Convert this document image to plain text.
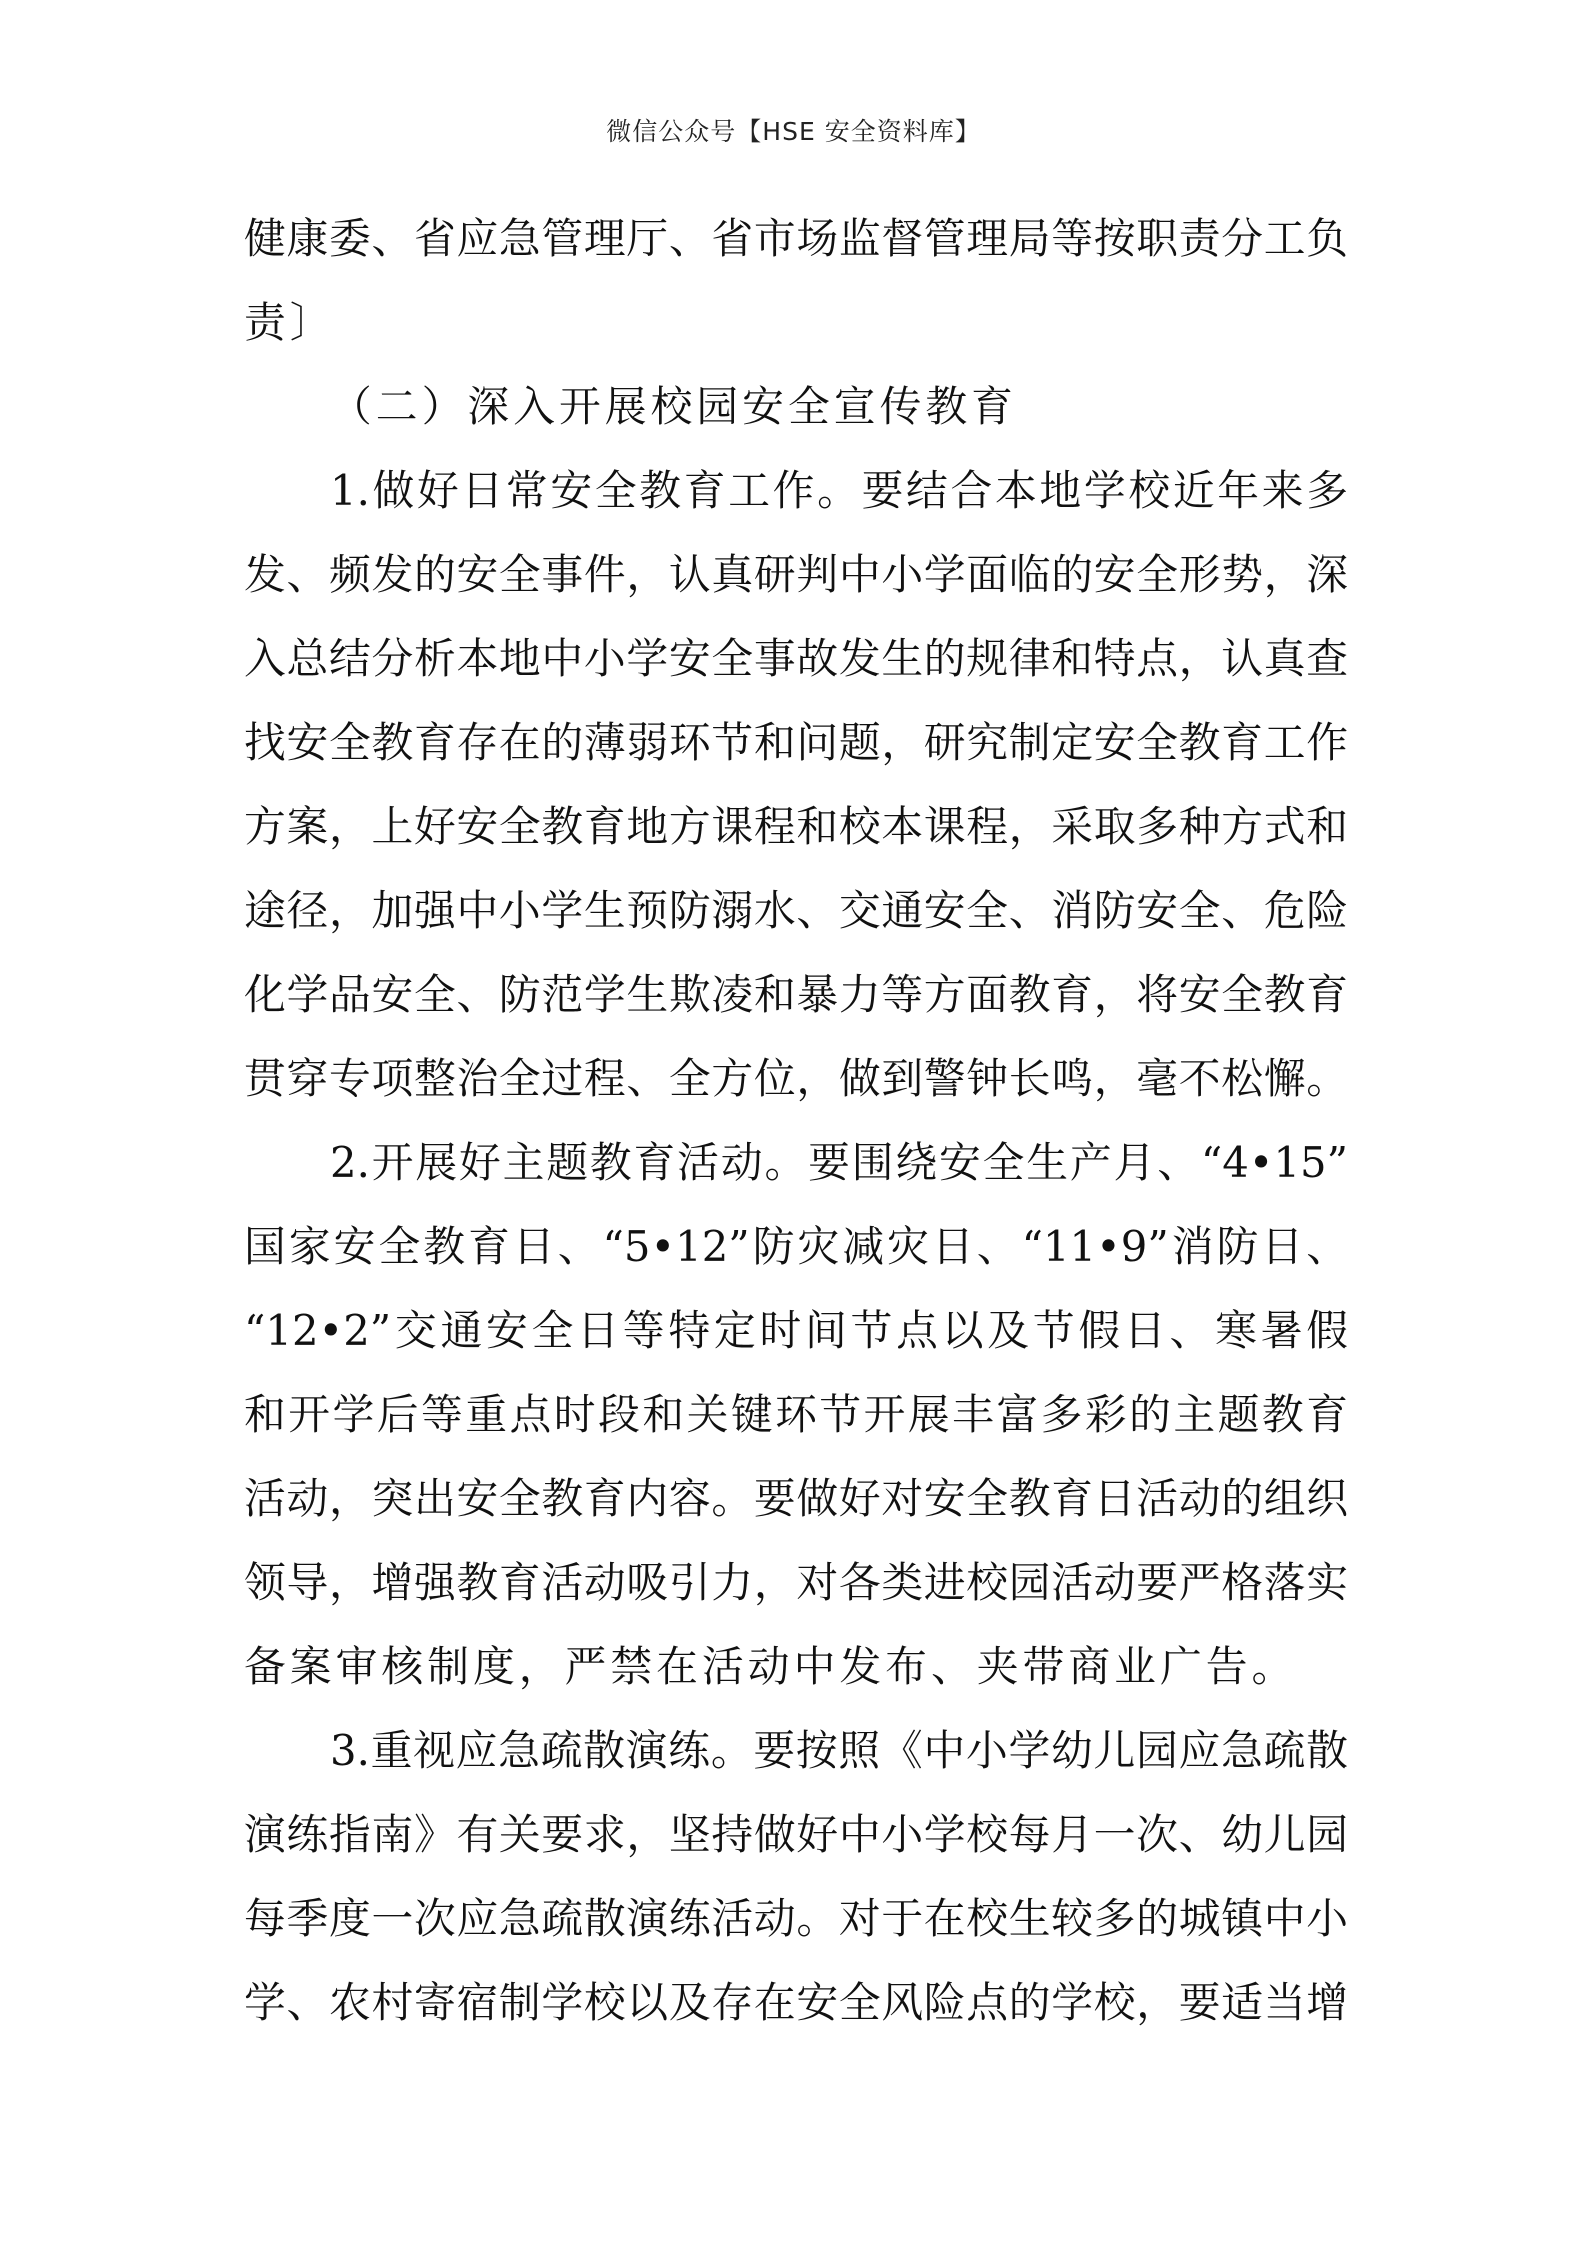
微信公众号【HSE 安全资料库】
健康委、省应急管理厅、省市场监督管理局等按职责分工负
责〕
（二）深入开展校园安全宣传教育
1.做好日常安全教育工作。要结合本地学校近年来多
发、频发的安全事件，认真研判中小学面临的安全形势，深
入总结分析本地中小学安全事故发生的规律和特点，认真查
找安全教育存在的薄弱环节和问题，研究制定安全教育工作
方案，上好安全教育地方课程和校本课程，采取多种方式和
途径，加强中小学生预防溺水、交通安全、消防安全、危险
化学品安全、防范学生欺凌和暴力等方面教育，将安全教育
贯穿专项整治全过程、全方位，做到警钟长鸣，毫不松懈。
2.开展好主题教育活动。要围绕安全生产月、“4•15”
国家安全教育日、“5•12”防灾减灾日、“11•9”消防日、
“12•2”交通安全日等特定时间节点以及节假日、寒暑假
和开学后等重点时段和关键环节开展丰富多彩的主题教育
活动，突出安全教育内容。要做好对安全教育日活动的组织
领导，增强教育活动吸引力，对各类进校园活动要严格落实
备案审核制度，严禁在活动中发布、夹带商业广告。
3.重视应急疏散演练。要按照《中小学幼儿园应急疏散
演练指南》有关要求，坚持做好中小学校每月一次、幼儿园
每季度一次应急疏散演练活动。对于在校生较多的城镇中小
学、农村寄宿制学校以及存在安全风险点的学校，要适当增
